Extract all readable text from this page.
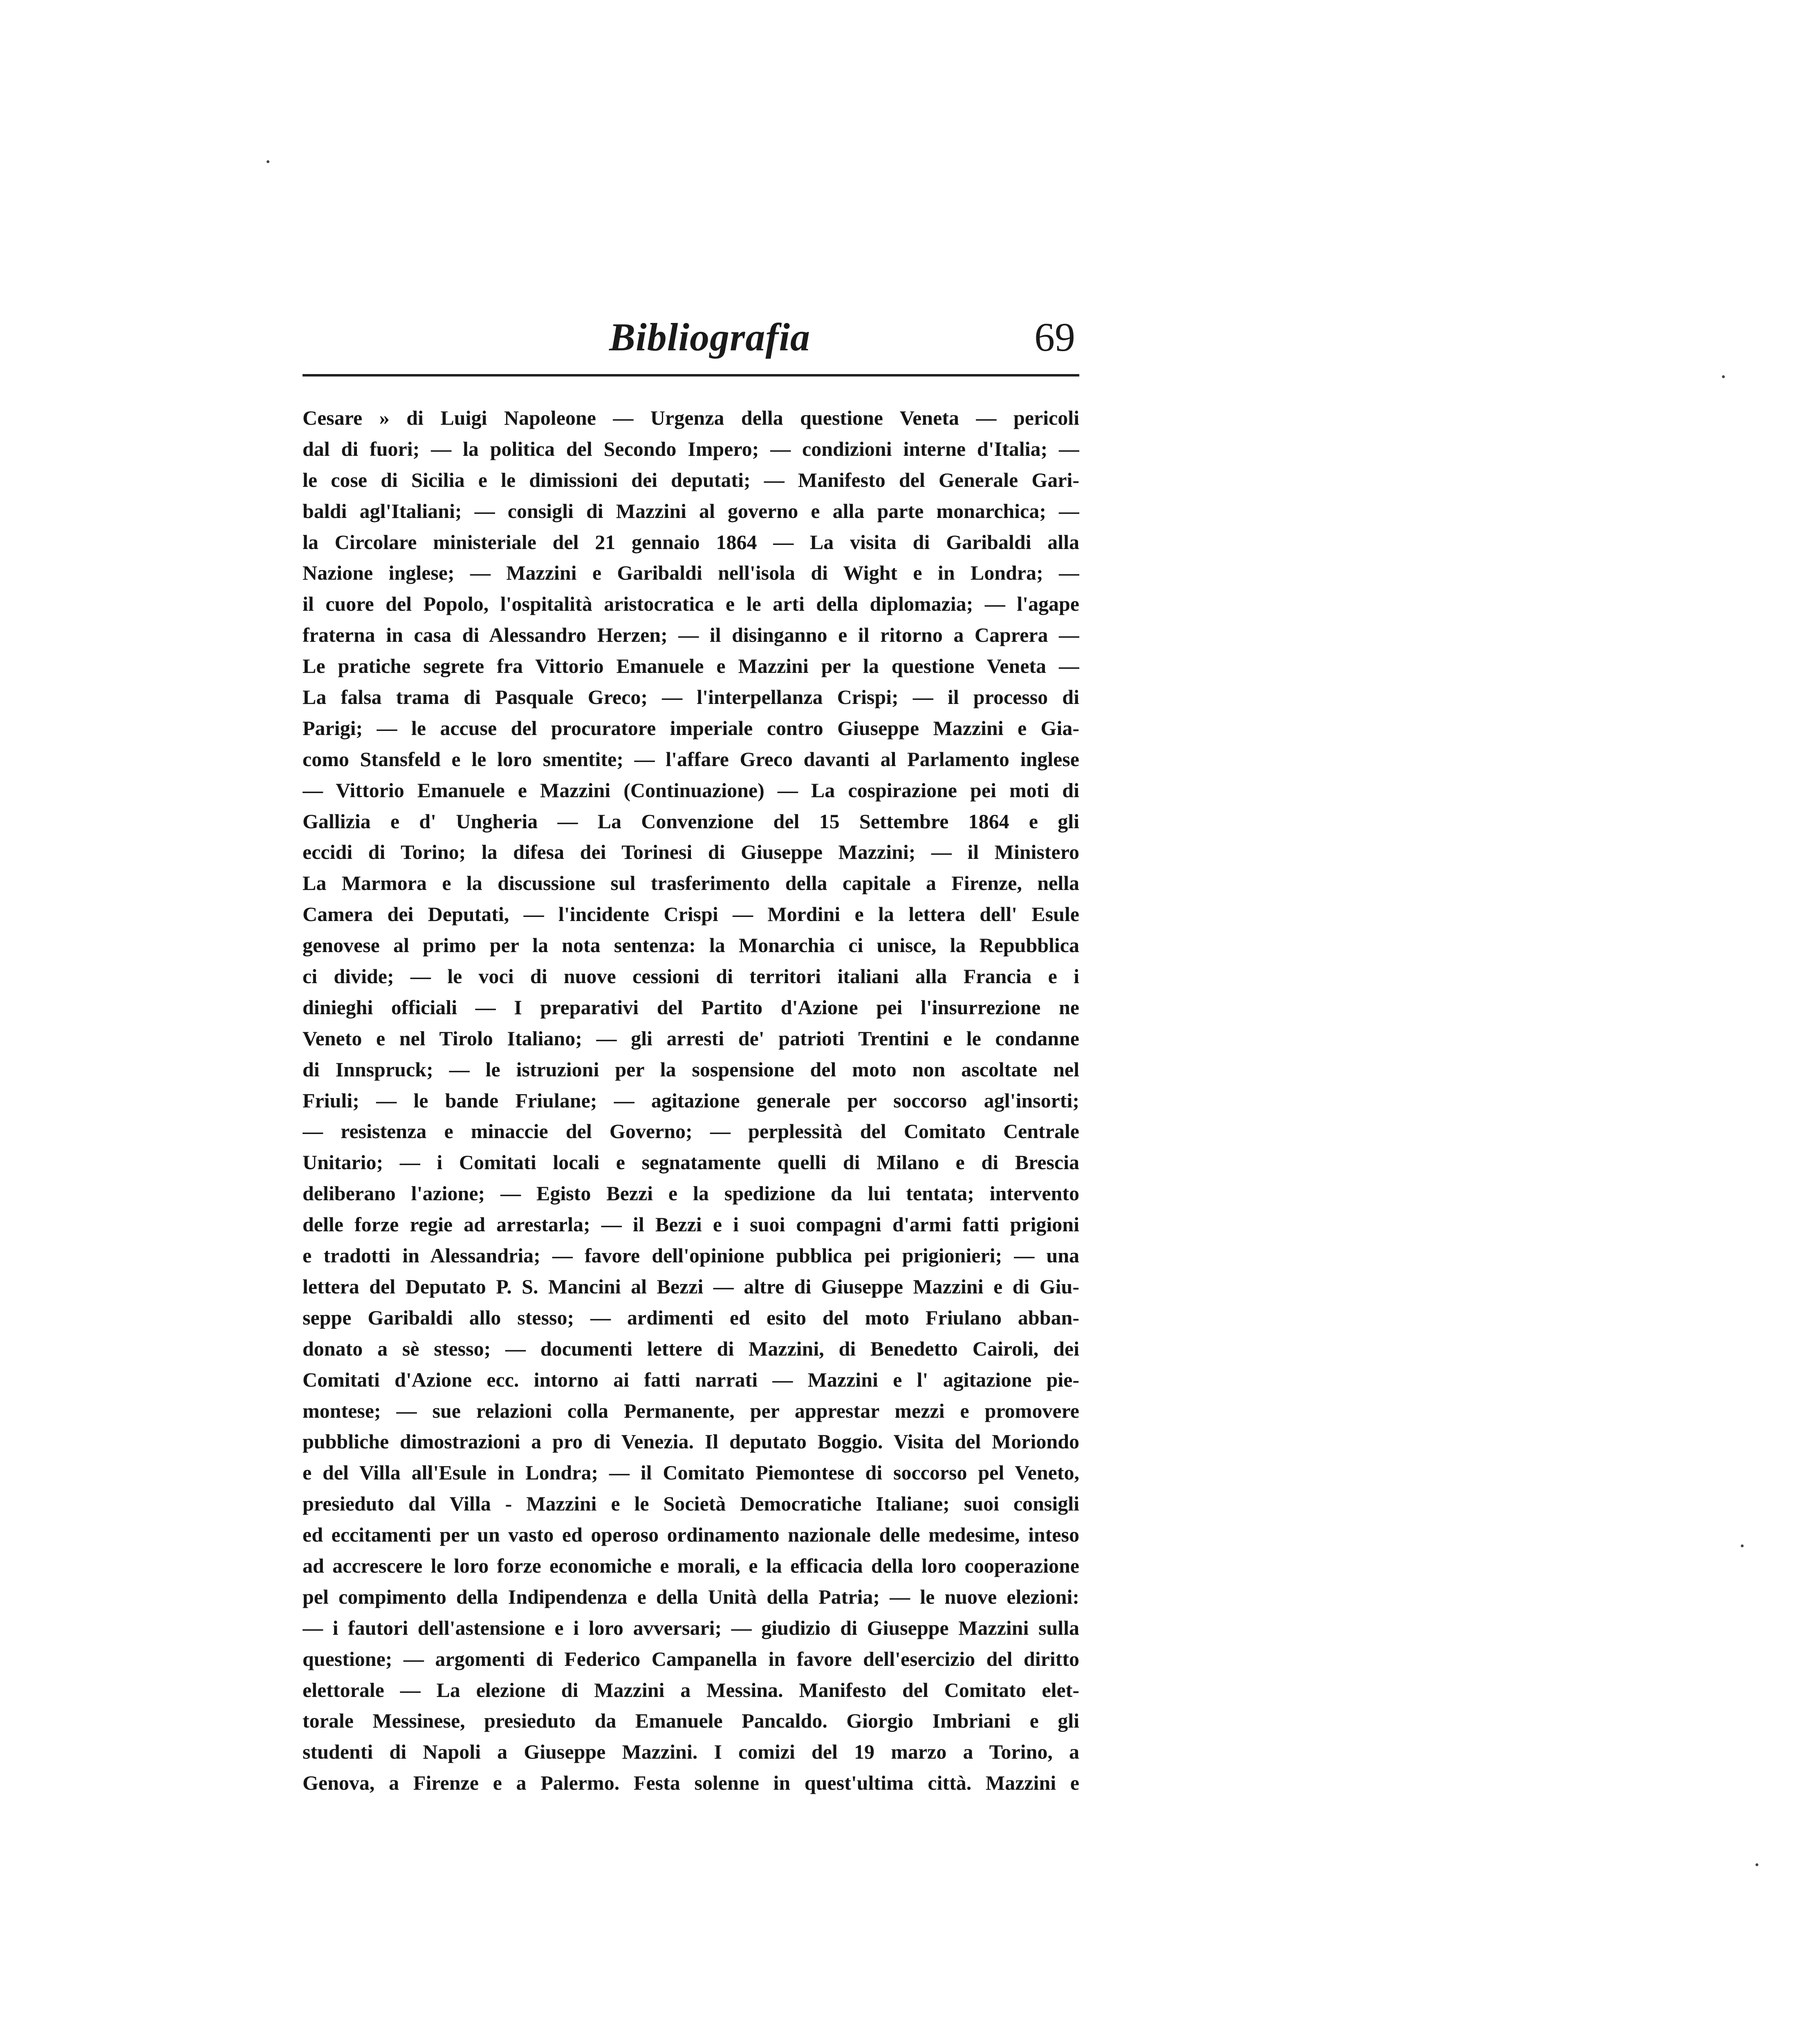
Bibliografia	69
Cesare » di Luigi Napoleone — Urgenza della questione Veneta — pericoli
dal di fuori; — la politica del Secondo Impero; — condizioni interne d'Italia; —
le cose di Sicilia e le dimissioni dei deputati; — Manifesto del Generale Gari-
baldi agl'Italiani; — consigli di Mazzini al governo e alla parte monarchica; —
la Circolare ministeriale del 21 gennaio 1864 — La visita di Garibaldi alla
Nazione inglese; — Mazzini e Garibaldi nell'isola di Wight e in Londra; —
il cuore del Popolo, l'ospitalità aristocratica e le arti della diplomazia; — l'agape
fraterna in casa di Alessandro Herzen; — il disinganno e il ritorno a Caprera —
Le pratiche segrete fra Vittorio Emanuele e Mazzini per la questione Veneta —
La falsa trama di Pasquale Greco; — l'interpellanza Crispi; — il processo di
Parigi; — le accuse del procuratore imperiale contro Giuseppe Mazzini e Gia-
como Stansfeld e le loro smentite; — l'affare Greco davanti al Parlamento inglese
— Vittorio Emanuele e Mazzini (Continuazione) — La cospirazione pei moti di
Gallizia e d' Ungheria — La Convenzione del 15 Settembre 1864 e gli
eccidi di Torino; la difesa dei Torinesi di Giuseppe Mazzini; — il Ministero
La Marmora e la discussione sul trasferimento della capitale a Firenze, nella
Camera dei Deputati, — l'incidente Crispi — Mordini e la lettera dell' Esule
genovese al primo per la nota sentenza: la Monarchia ci unisce, la Repubblica
ci divide; — le voci di nuove cessioni di territori italiani alla Francia e i
dinieghi officiali — I preparativi del Partito d'Azione pei l'insurrezione ne
Veneto e nel Tirolo Italiano; — gli arresti de' patrioti Trentini e le condanne
di Innspruck; — le istruzioni per la sospensione del moto non ascoltate nel
Friuli; — le bande Friulane; — agitazione generale per soccorso agl'insorti;
— resistenza e minaccie del Governo; — perplessità del Comitato Centrale
Unitario; — i Comitati locali e segnatamente quelli di Milano e di Brescia
deliberano l'azione; — Egisto Bezzi e la spedizione da lui tentata; intervento
delle forze regie ad arrestarla; — il Bezzi e i suoi compagni d'armi fatti prigioni
e tradotti in Alessandria; — favore dell'opinione pubblica pei prigionieri; — una
lettera del Deputato P. S. Mancini al Bezzi — altre di Giuseppe Mazzini e di Giu-
seppe Garibaldi allo stesso; — ardimenti ed esito del moto Friulano abban-
donato a sè stesso; — documenti lettere di Mazzini, di Benedetto Cairoli, dei
Comitati d'Azione ecc. intorno ai fatti narrati — Mazzini e l' agitazione pie-
montese; — sue relazioni colla Permanente, per apprestar mezzi e promovere
pubbliche dimostrazioni a pro di Venezia. Il deputato Boggio. Visita del Moriondo
e del Villa all'Esule in Londra; — il Comitato Piemontese di soccorso pel Veneto,
presieduto dal Villa - Mazzini e le Società Democratiche Italiane; suoi consigli
ed eccitamenti per un vasto ed operoso ordinamento nazionale delle medesime, inteso
ad accrescere le loro forze economiche e morali, e la efficacia della loro cooperazione
pel compimento della Indipendenza e della Unità della Patria; — le nuove elezioni:
— i fautori dell'astensione e i loro avversari; — giudizio di Giuseppe Mazzini sulla
questione; — argomenti di Federico Campanella in favore dell'esercizio del diritto
elettorale — La elezione di Mazzini a Messina. Manifesto del Comitato elet-
torale Messinese, presieduto da Emanuele Pancaldo. Giorgio Imbriani e gli
studenti di Napoli a Giuseppe Mazzini. I comizi del 19 marzo a Torino, a
Genova, a Firenze e a Palermo. Festa solenne in quest'ultima città. Mazzini e
